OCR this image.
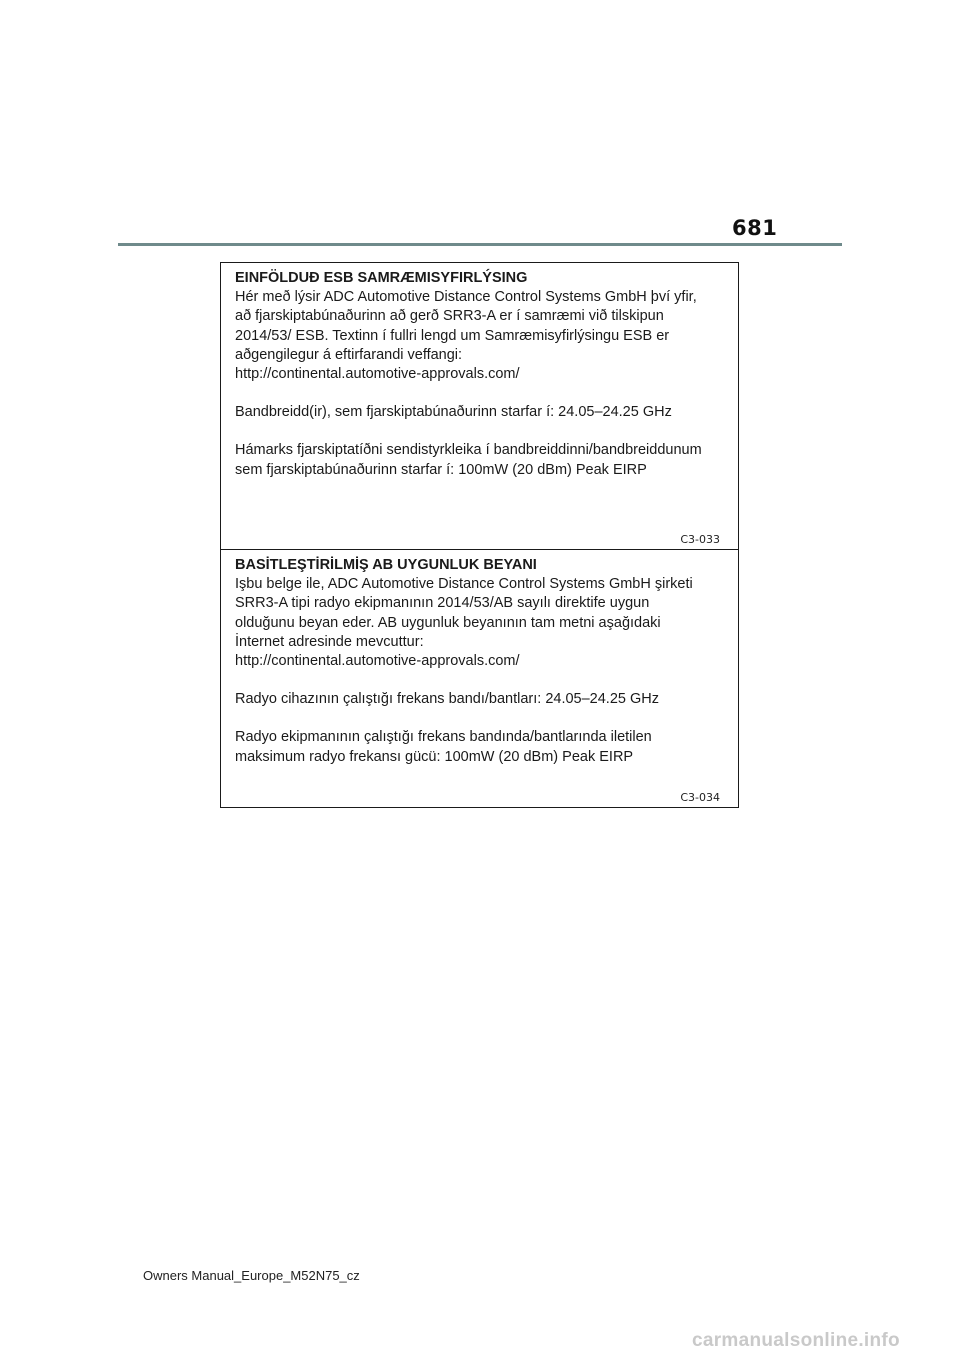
681

EINFÖLDUÐ ESB SAMRÆMISYFIRLÝSING

Hér með lýsir ADC Automotive Distance Control Systems GmbH því yfir,
að fjarskiptabúnaðurinn að gerð SRR3-A er í samræmi við tilskipun
2014/53/ ESB. Textinn í fullri lengd um Samræmisyfirlýsingu ESB er
aðgengilegur á eftirfarandi veffangi:
http://continental.automotive-approvals.com/

Bandbreidd(ir), sem fjarskiptabúnaðurinn starfar í: 24.05–24.25 GHz

Hámarks fjarskiptatíðni sendistyrkleika í bandbreiddinni/bandbreiddunum
sem fjarskiptabúnaðurinn starfar í: 100mW (20 dBm) Peak EIRP

C3-033

BASİTLEŞTİRİLMİŞ AB UYGUNLUK BEYANI

Işbu belge ile, ADC Automotive Distance Control Systems GmbH şirketi
SRR3-A tipi radyo ekipmanının 2014/53/AB sayılı direktife uygun
olduğunu beyan eder. AB uygunluk beyanının tam metni aşağıdaki
İnternet adresinde mevcuttur:
http://continental.automotive-approvals.com/

Radyo cihazının çalıştığı frekans bandı/bantları: 24.05–24.25 GHz

Radyo ekipmanının çalıştığı frekans bandında/bantlarında iletilen
maksimum radyo frekansı gücü: 100mW (20 dBm) Peak EIRP

C3-034
Owners Manual_Europe_M52N75_cz
carmanualsonline.info
